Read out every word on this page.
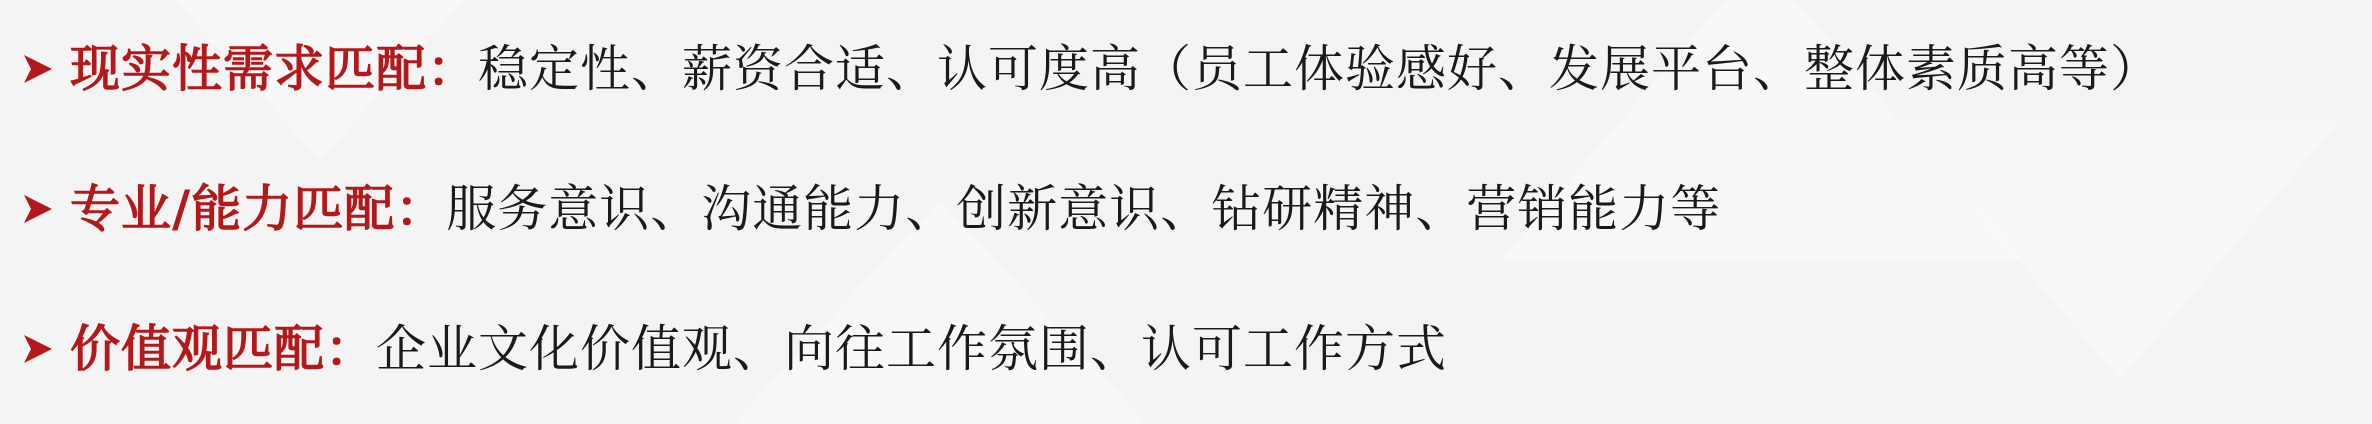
现实性需求匹配： 稳定性、薪资合适、认可度高（员工体验感好、发展平台、整体素质高等）
专业/能力匹配： 服务意识、沟通能力、创新意识、钻研精神、营销能力等
价值观匹配： 企业文化价值观、向往工作氛围、认可工作方式
